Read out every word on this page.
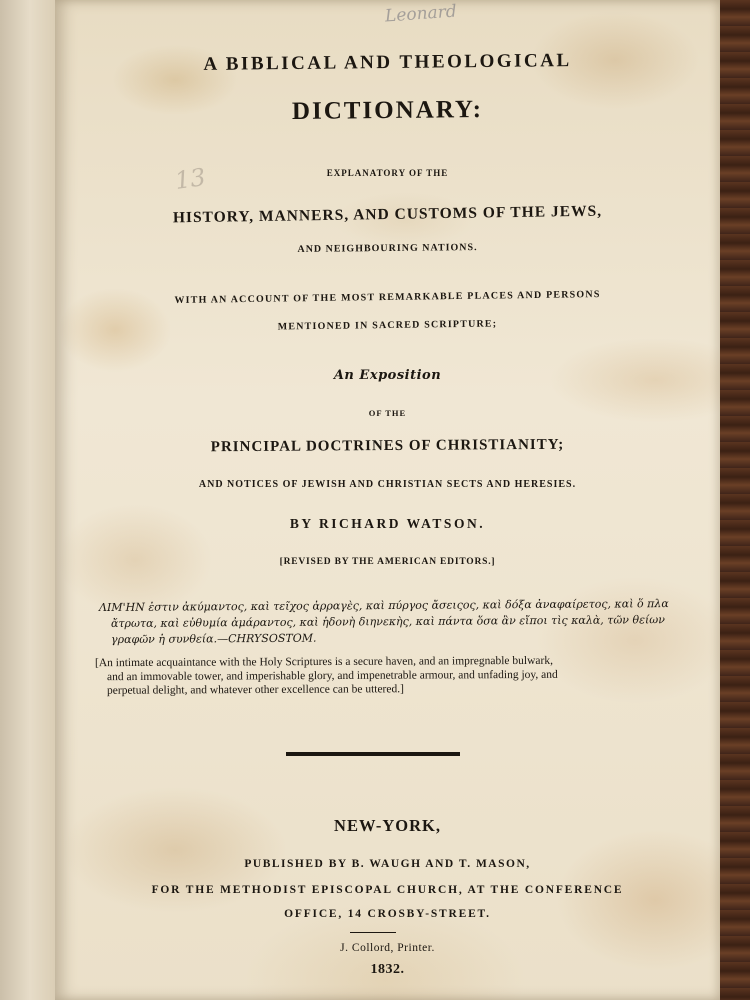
Leonard
13
A BIBLICAL AND THEOLOGICAL
DICTIONARY:
EXPLANATORY OF THE
HISTORY, MANNERS, AND CUSTOMS OF THE JEWS,
AND NEIGHBOURING NATIONS.
WITH AN ACCOUNT OF THE MOST REMARKABLE PLACES AND PERSONS
MENTIONED IN SACRED SCRIPTURE;
An Exposition
OF THE
PRINCIPAL DOCTRINES OF CHRISTIANITY;
AND NOTICES OF JEWISH AND CHRISTIAN SECTS AND HERESIES.
BY RICHARD WATSON.
[REVISED BY THE AMERICAN EDITORS.]
ΛΙΜ'ΗΝ ἐστιν ἀκύμαντος, καὶ τεῖχος ἀρραγὲς, καὶ πύργος ἄσειςος, καὶ δόξα ἀναφαίρετος, καὶ ὅ πλα
ἄτρωτα, καὶ εὐθυμία ἀμάραντος, καὶ ἡδονὴ διηνεκὴς, καὶ πάντα ὅσα ἂν εἴποι τὶς καλὰ, τῶν θείων
γραφῶν ἡ συνθεία.—CHRYSOSTOM.
[An intimate acquaintance with the Holy Scriptures is a secure haven, and an impregnable bulwark,
and an immovable tower, and imperishable glory, and impenetrable armour, and unfading joy, and
perpetual delight, and whatever other excellence can be uttered.]
NEW-YORK,
PUBLISHED BY B. WAUGH AND T. MASON,
FOR THE METHODIST EPISCOPAL CHURCH, AT THE CONFERENCE
OFFICE, 14 CROSBY-STREET.
J. Collord, Printer.
1832.
